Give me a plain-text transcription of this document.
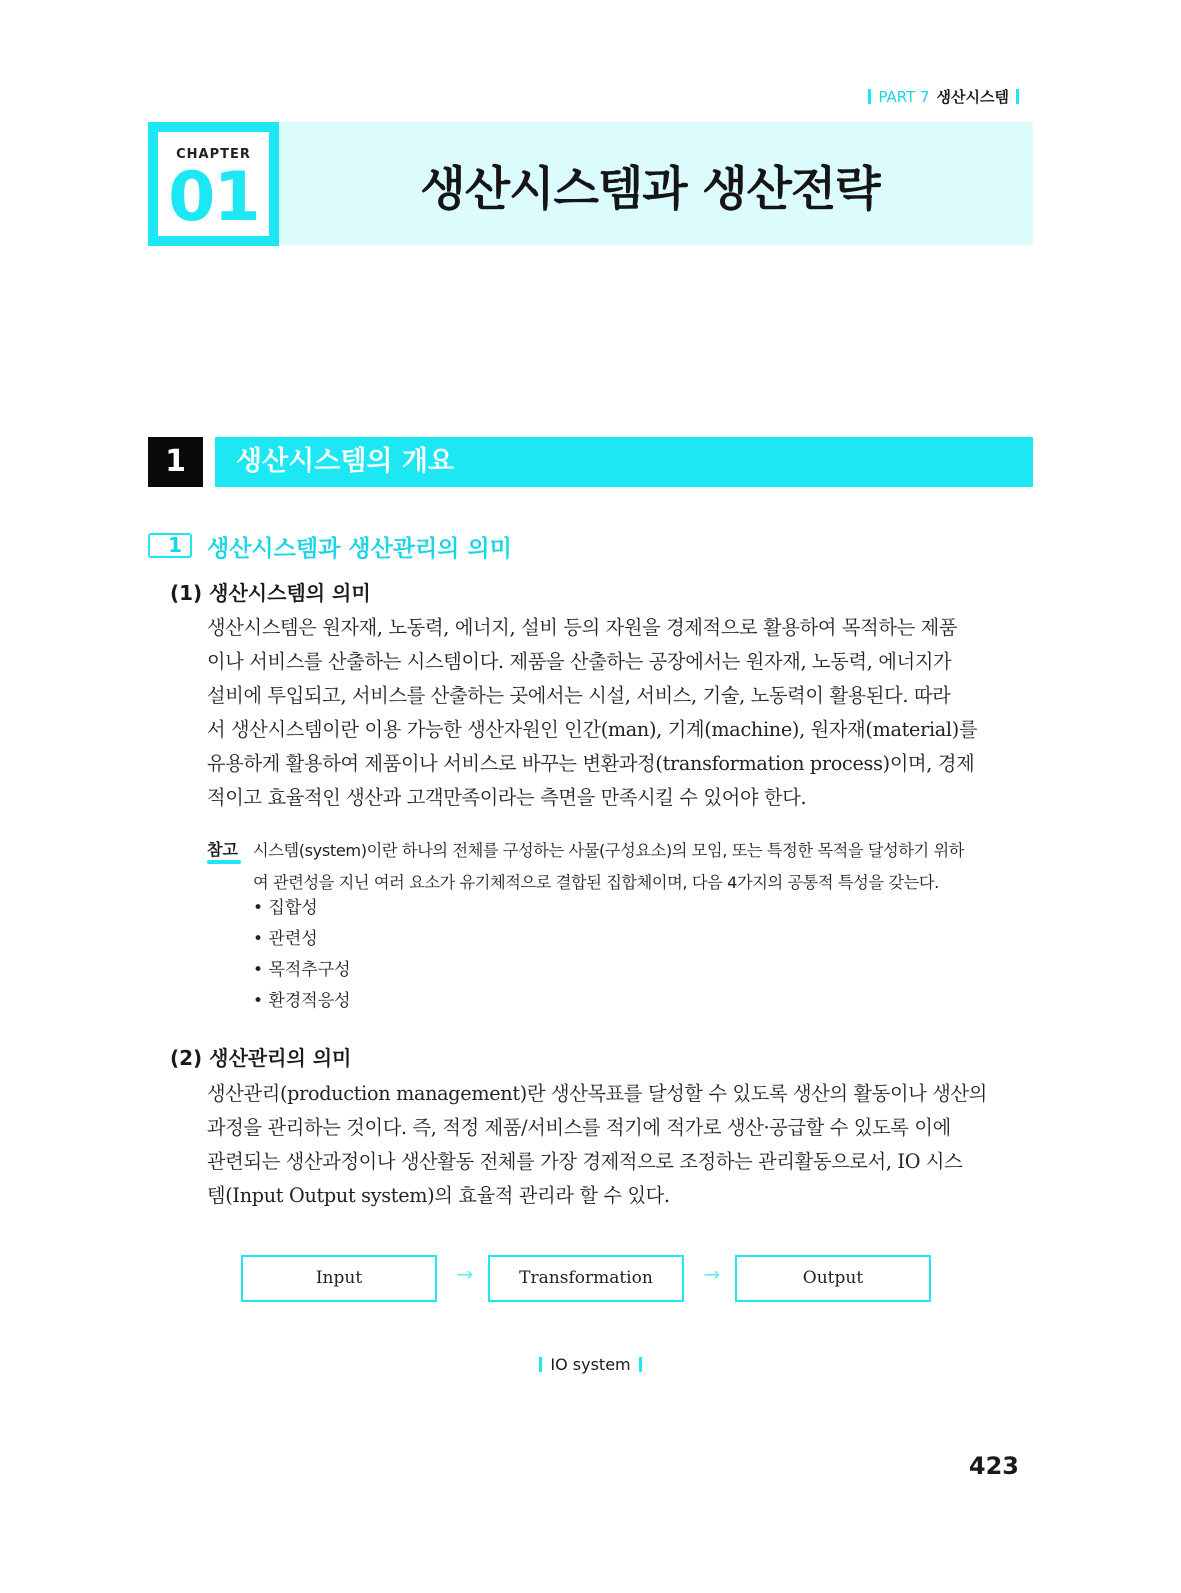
PART 7 생산시스템
CHAPTER
01	생산시스템과 생산전략
1	생산시스템의 개요
1	생산시스템과 생산관리의 의미
(1) 생산시스템의 의미

생산시스템은 원자재, 노동력, 에너지, 설비 등의 자원을 경제적으로 활용하여 목적하는 제품

이나 서비스를 산출하는 시스템이다. 제품을 산출하는 공장에서는 원자재, 노동력, 에너지가

설비에 투입되고, 서비스를 산출하는 곳에서는 시설, 서비스, 기술, 노동력이 활용된다. 따라

서 생산시스템이란 이용 가능한 생산자원인 인간(man), 기계(machine), 원자재(material)를

유용하게 활용하여 제품이나 서비스로 바꾸는 변환과정(transformation process)이며, 경제

적이고 효율적인 생산과 고객만족이라는 측면을 만족시킬 수 있어야 한다.

참고 시스템(system)이란 하나의 전체를 구성하는 사물(구성요소)의 모임, 또는 특정한 목적을 달성하기 위하

여 관련성을 지닌 여러 요소가 유기체적으로 결합된 집합체이며, 다음 4가지의 공통적 특성을 갖는다.

• 집합성
• 관련성
• 목적추구성
• 환경적응성
(2) 생산관리의 의미

생산관리(production management)란 생산목표를 달성할 수 있도록 생산의 활동이나 생산의

과정을 관리하는 것이다. 즉, 적정 제품/서비스를 적기에 적가로 생산·공급할 수 있도록 이에

관련되는 생산과정이나 생산활동 전체를 가장 경제적으로 조정하는 관리활동으로서, IO 시스

템(Input Output system)의 효율적 관리라 할 수 있다.

Input	→	Transformation	→	Output
IO system
423
